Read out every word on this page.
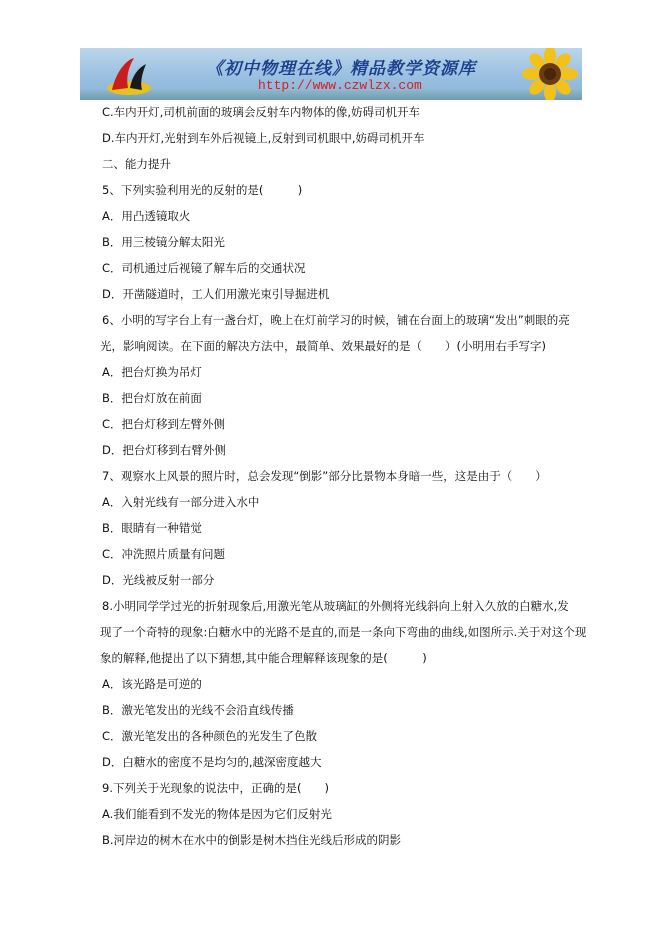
《初中物理在线》精品教学资源库
http://www.czwlzx.com
C.车内开灯,司机前面的玻璃会反射车内物体的像,妨碍司机开车
D.车内开灯,光射到车外后视镜上,反射到司机眼中,妨碍司机开车
二、能力提升
5、下列实验利用光的反射的是(　　　)
A．用凸透镜取火
B．用三棱镜分解太阳光
C．司机通过后视镜了解车后的交通状况
D．开凿隧道时，工人们用激光束引导掘进机
6、小明的写字台上有一盏台灯，晚上在灯前学习的时候，铺在台面上的玻璃“发出”刺眼的亮
光，影响阅读。在下面的解决方法中，最简单、效果最好的是（　　）(小明用右手写字)
A．把台灯换为吊灯
B．把台灯放在前面
C．把台灯移到左臂外侧
D．把台灯移到右臂外侧
7、观察水上风景的照片时，总会发现“倒影”部分比景物本身暗一些，这是由于（　　）
A．入射光线有一部分进入水中
B．眼睛有一种错觉
C．冲洗照片质量有问题
D．光线被反射一部分
8.小明同学学过光的折射现象后,用激光笔从玻璃缸的外侧将光线斜向上射入久放的白糖水,发
现了一个奇特的现象:白糖水中的光路不是直的,而是一条向下弯曲的曲线,如图所示.关于对这个现
象的解释,他提出了以下猜想,其中能合理解释该现象的是(　　　)
A．该光路是可逆的
B．激光笔发出的光线不会沿直线传播
C．激光笔发出的各种颜色的光发生了色散
D．白糖水的密度不是均匀的,越深密度越大
9.下列关于光现象的说法中，正确的是(　　)
A.我们能看到不发光的物体是因为它们反射光
B.河岸边的树木在水中的倒影是树木挡住光线后形成的阴影
